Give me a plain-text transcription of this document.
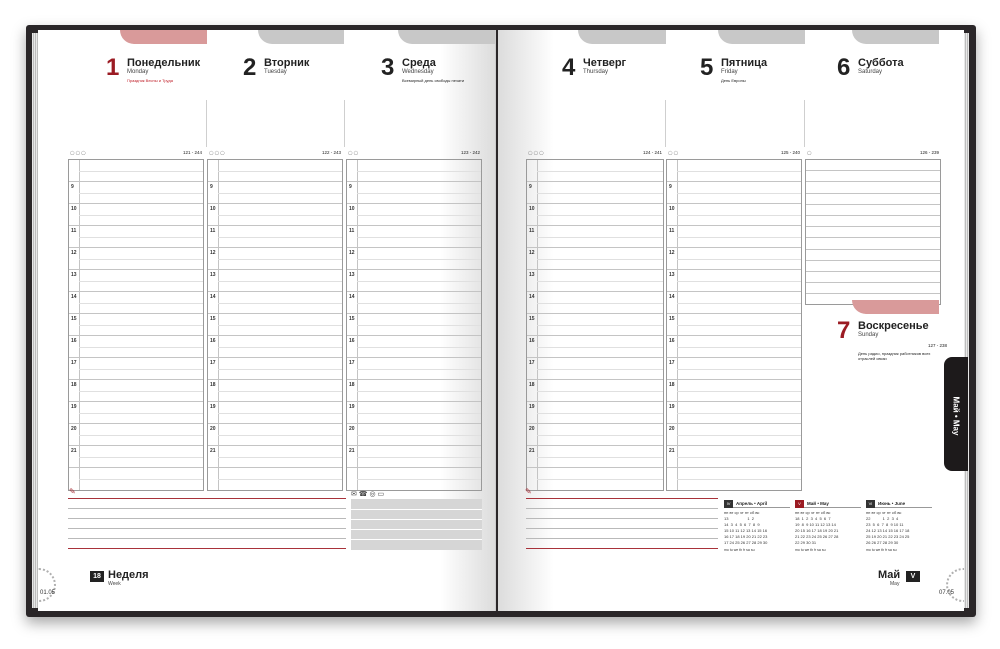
1 Понедельник
Monday
Праздник Весны и Труда	2 Вторник
Tuesday	3 Среда
Wednesday
Всемирный день свободы печати
◯ ◯ ◯	121 - 244
9
10
11
12
13
14
15
16
17
18
19
20
21
◯ ◯ ◯	122 - 243
9
10
11
12
13
14
15
16
17
18
19
20
21
◯ ◯	123 - 242
9
10
11
12
13
14
15
16
17
18
19
20
21
✎	✉ ☎ ◎ ▭
18 Неделя
Week
01.05
4 Четверг
Thursday	5 Пятница
Friday
День Европы	6 Суббота
Saturday
◯ ◯ ◯	124 - 241
9
10
11
12
13
14
15
16
17
18
19
20
21
◯ ◯	125 - 240
9
10
11
12
13
14
15
16
17
18
19
20
21
◯	126 - 239
7 Воскресенье
Sunday
127 - 238
День радио, праздник работников всех отраслей связи
✎
IV	Апрель • April
пн вт ср чт пт сб вс
13                 1  2
14  3  4  5  6  7  8  9
15 10 11 12 13 14 15 16
16 17 18 19 20 21 22 23
17 24 25 26 27 28 29 30
mo tu we th fr sa su
V	Май • May
пн вт ср чт пт сб вс
18  1  2  3  4  5  6  7
19  8  9 10 11 12 13 14
20 15 16 17 18 19 20 21
21 22 23 24 25 26 27 28
22 29 30 31
mo tu we th fr sa su
VI	Июнь • June
пн вт ср чт пт сб вс
22           1  2  3  4
23  5  6  7  8  9 10 11
24 12 13 14 15 16 17 18
25 19 20 21 22 23 24 25
26 26 27 28 29 30
mo tu we th fr sa su
Май
May
V
07.05
Май • May
